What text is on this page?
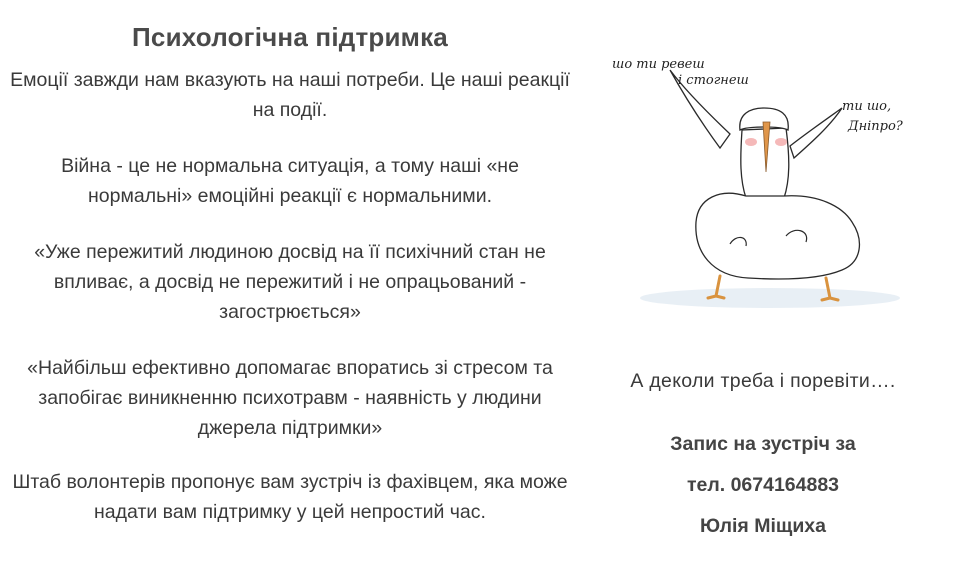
Психологічна підтримка

Емоції завжди нам вказують на наші потреби. Це наші реакції на події.

Війна - це не нормальна ситуація, а тому наші «не нормальні» емоційні реакції є нормальними.

«Уже пережитий людиною досвід на її психічний стан не впливає, а досвід не пережитий і не опрацьований - загострюється»

«Найбільш ефективно допомагає впоратись зі стресом та запобігає виникненню психотравм - наявність у людини джерела підтримки»

Штаб волонтерів пропонує вам зустріч із фахівцем, яка може надати вам підтримку у цей непростий час.

шо ти ревеш
і стогнеш
ти шо,
Дніпро?
А деколи треба і поревіти….
Запис на зустріч за
тел. 0674164883
Юлія Міщиха
